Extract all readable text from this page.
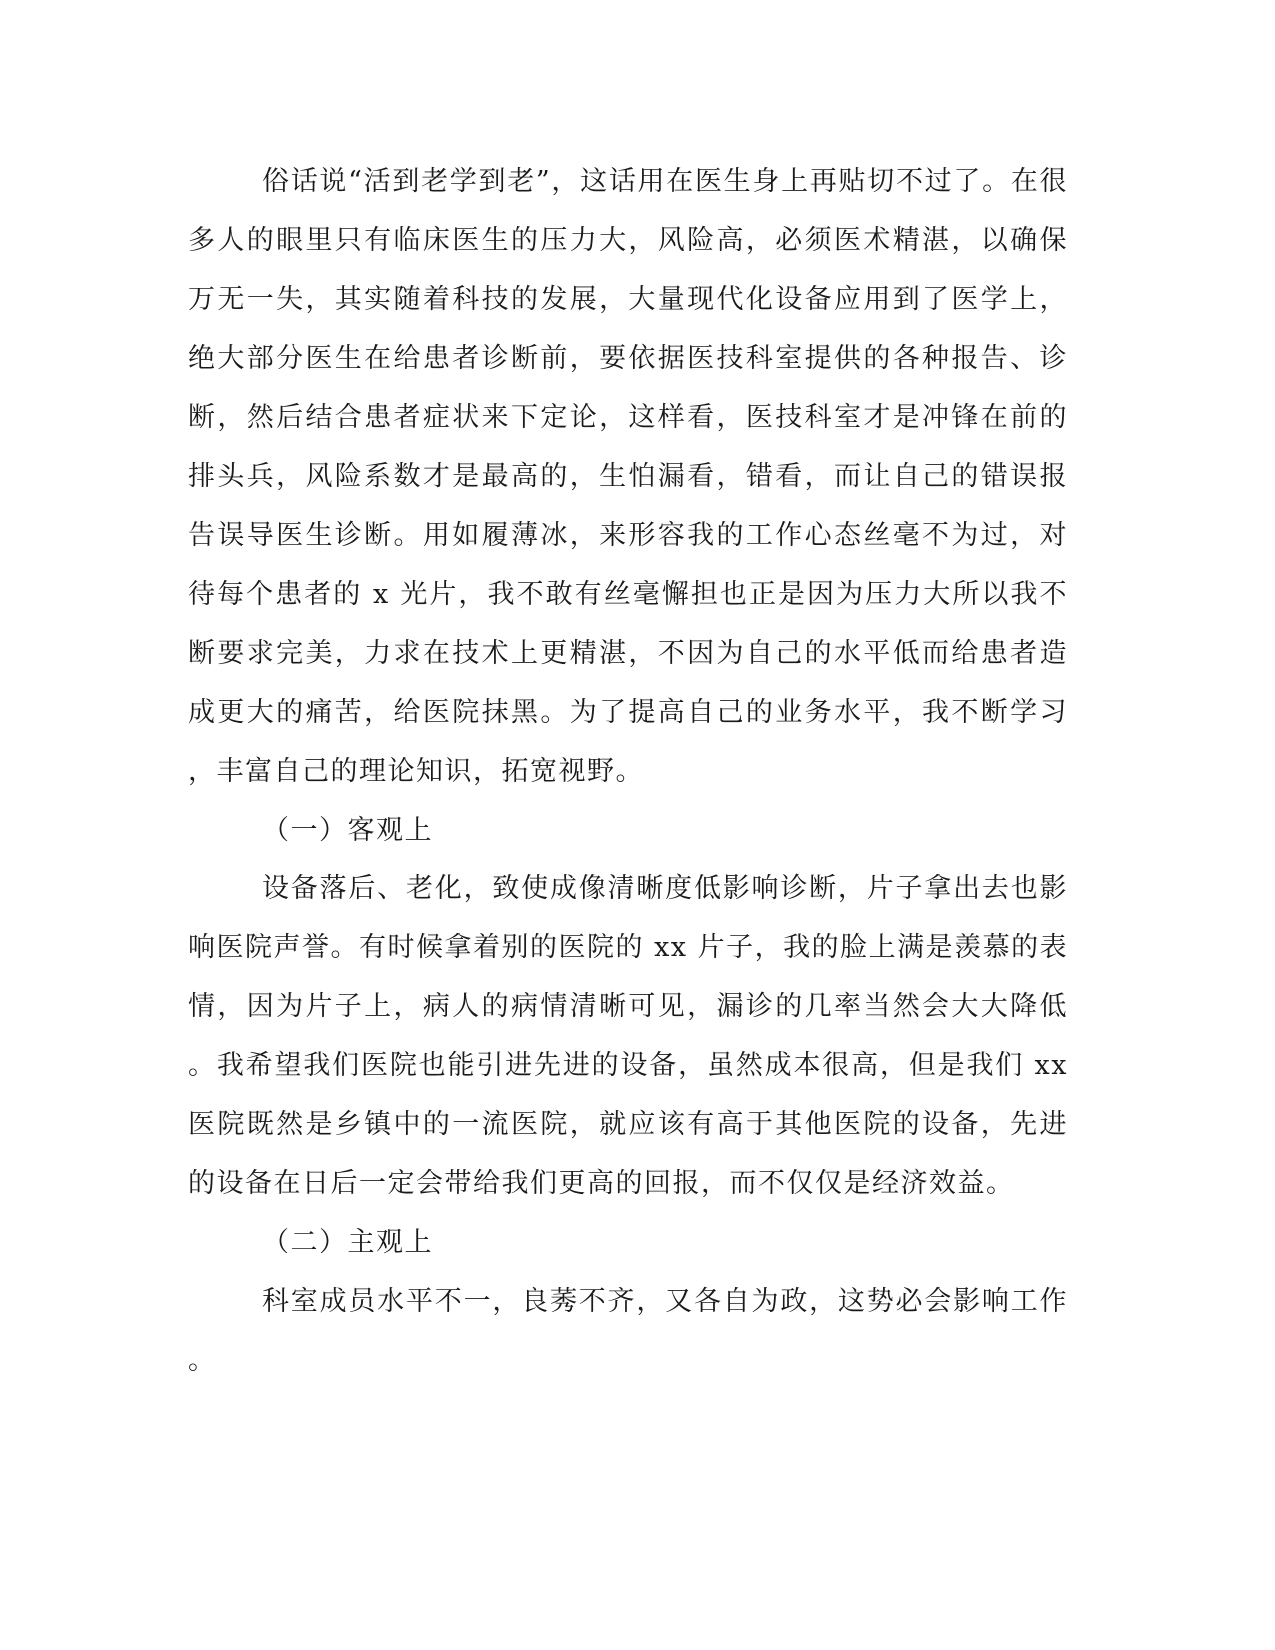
俗话说“活到老学到老”，这话用在医生身上再贴切不过了。在很
多人的眼里只有临床医生的压力大，风险高，必须医术精湛，以确保
万无一失，其实随着科技的发展，大量现代化设备应用到了医学上，
绝大部分医生在给患者诊断前，要依据医技科室提供的各种报告、诊
断，然后结合患者症状来下定论，这样看，医技科室才是冲锋在前的
排头兵，风险系数才是最高的，生怕漏看，错看，而让自己的错误报
告误导医生诊断。用如履薄冰，来形容我的工作心态丝毫不为过，对
待每个患者的 x 光片，我不敢有丝毫懈担也正是因为压力大所以我不
断要求完美，力求在技术上更精湛，不因为自己的水平低而给患者造
成更大的痛苦，给医院抹黑。为了提高自己的业务水平，我不断学习
，丰富自己的理论知识，拓宽视野。
（一）客观上
设备落后、老化，致使成像清晰度低影响诊断，片子拿出去也影
响医院声誉。有时候拿着别的医院的 xx 片子，我的脸上满是羡慕的表
情，因为片子上，病人的病情清晰可见，漏诊的几率当然会大大降低
。我希望我们医院也能引进先进的设备，虽然成本很高，但是我们 xx
医院既然是乡镇中的一流医院，就应该有高于其他医院的设备，先进
的设备在日后一定会带给我们更高的回报，而不仅仅是经济效益。
（二）主观上
科室成员水平不一，良莠不齐，又各自为政，这势必会影响工作
。
